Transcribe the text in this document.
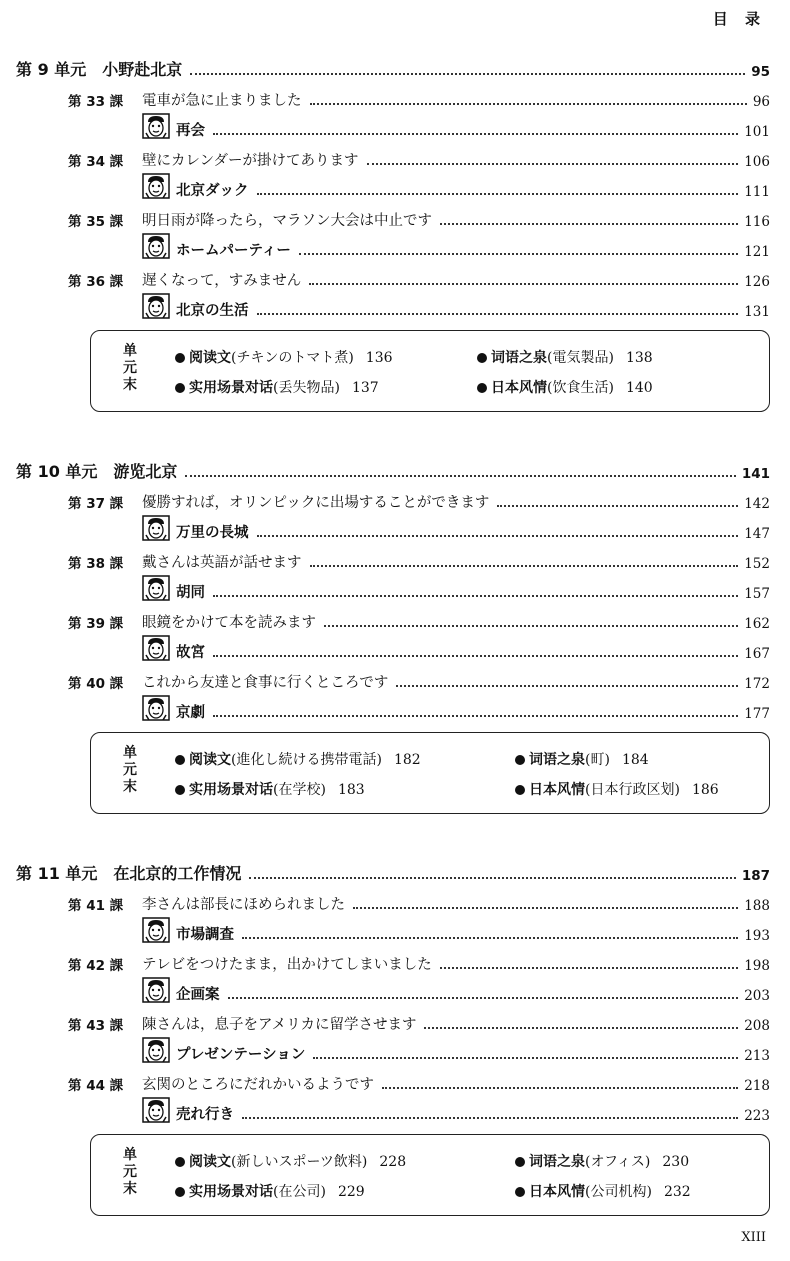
目 录
第 9 单元　小野赴北京	95
第 33 課	電車が急に止まりました	96
再会	101
第 34 課	壁にカレンダーが掛けてあります	106
北京ダック	111
第 35 課	明日雨が降ったら，マラソン大会は中止です	116
ホームパーティー	121
第 36 課	遅くなって，すみません	126
北京の生活	131
单
元
末
阅读文(チキンのトマト煮) 136	词语之泉(電気製品) 138
实用场景对话(丢失物品) 137	日本风情(饮食生活) 140
第 10 单元　游览北京	141
第 37 課	優勝すれば，オリンピックに出場することができます	142
万里の長城	147
第 38 課	戴さんは英語が話せます	152
胡同	157
第 39 課	眼鏡をかけて本を読みます	162
故宮	167
第 40 課	これから友達と食事に行くところです	172
京劇	177
单
元
末
阅读文(進化し続ける携帯電話) 182	词语之泉(町) 184
实用场景对话(在学校) 183	日本风情(日本行政区划) 186
第 11 单元　在北京的工作情况	187
第 41 課	李さんは部長にほめられました	188
市場調査	193
第 42 課	テレビをつけたまま，出かけてしまいました	198
企画案	203
第 43 課	陳さんは，息子をアメリカに留学させます	208
プレゼンテーション	213
第 44 課	玄関のところにだれかいるようです	218
売れ行き	223
单
元
末
阅读文(新しいスポーツ飲料) 228	词语之泉(オフィス) 230
实用场景对话(在公司) 229	日本风情(公司机构) 232
XIII
